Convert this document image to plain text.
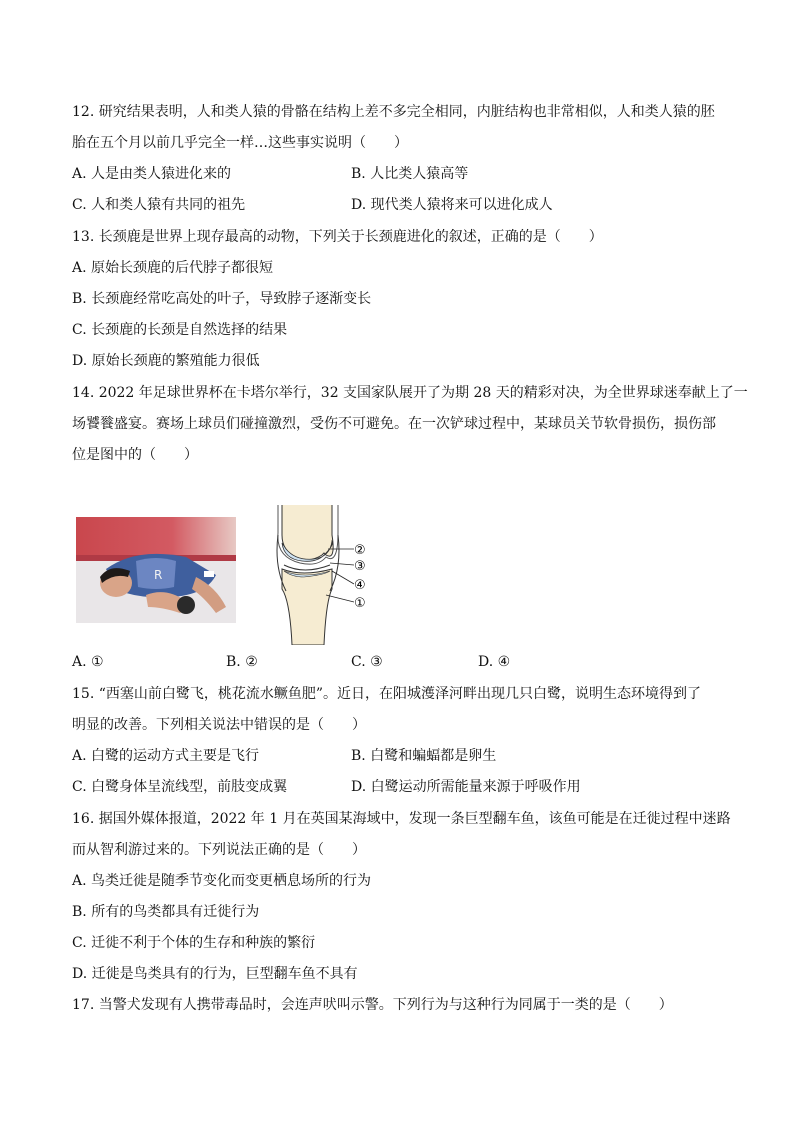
12. 研究结果表明，人和类人猿的骨骼在结构上差不多完全相同，内脏结构也非常相似，人和类人猿的胚
胎在五个月以前几乎完全一样…这些事实说明（　　）
A. 人是由类人猿进化来的	B. 人比类人猿高等
C. 人和类人猿有共同的祖先	D. 现代类人猿将来可以进化成人
13. 长颈鹿是世界上现存最高的动物，下列关于长颈鹿进化的叙述，正确的是（　　）
A. 原始长颈鹿的后代脖子都很短
B. 长颈鹿经常吃高处的叶子，导致脖子逐渐变长
C. 长颈鹿的长颈是自然选择的结果
D. 原始长颈鹿的繁殖能力很低
14. 2022 年足球世界杯在卡塔尔举行，32 支国家队展开了为期 28 天的精彩对决，为全世界球迷奉献上了一
场饕餮盛宴。赛场上球员们碰撞激烈，受伤不可避免。在一次铲球过程中，某球员关节软骨损伤，损伤部
位是图中的（　　）
R
②
③
④
①
A. ①	B. ②	C. ③	D. ④
15. “西塞山前白鹭飞，桃花流水鳜鱼肥”。近日，在阳城濩泽河畔出现几只白鹭，说明生态环境得到了
明显的改善。下列相关说法中错误的是（　　）
A. 白鹭的运动方式主要是飞行	B. 白鹭和蝙蝠都是卵生
C. 白鹭身体呈流线型，前肢变成翼	D. 白鹭运动所需能量来源于呼吸作用
16. 据国外媒体报道，2022 年 1 月在英国某海域中，发现一条巨型翻车鱼，该鱼可能是在迁徙过程中迷路
而从智利游过来的。下列说法正确的是（　　）
A. 鸟类迁徙是随季节变化而变更栖息场所的行为
B. 所有的鸟类都具有迁徙行为
C. 迁徙不利于个体的生存和种族的繁衍
D. 迁徙是鸟类具有的行为，巨型翻车鱼不具有
17. 当警犬发现有人携带毒品时，会连声吠叫示警。下列行为与这种行为同属于一类的是（　　）
